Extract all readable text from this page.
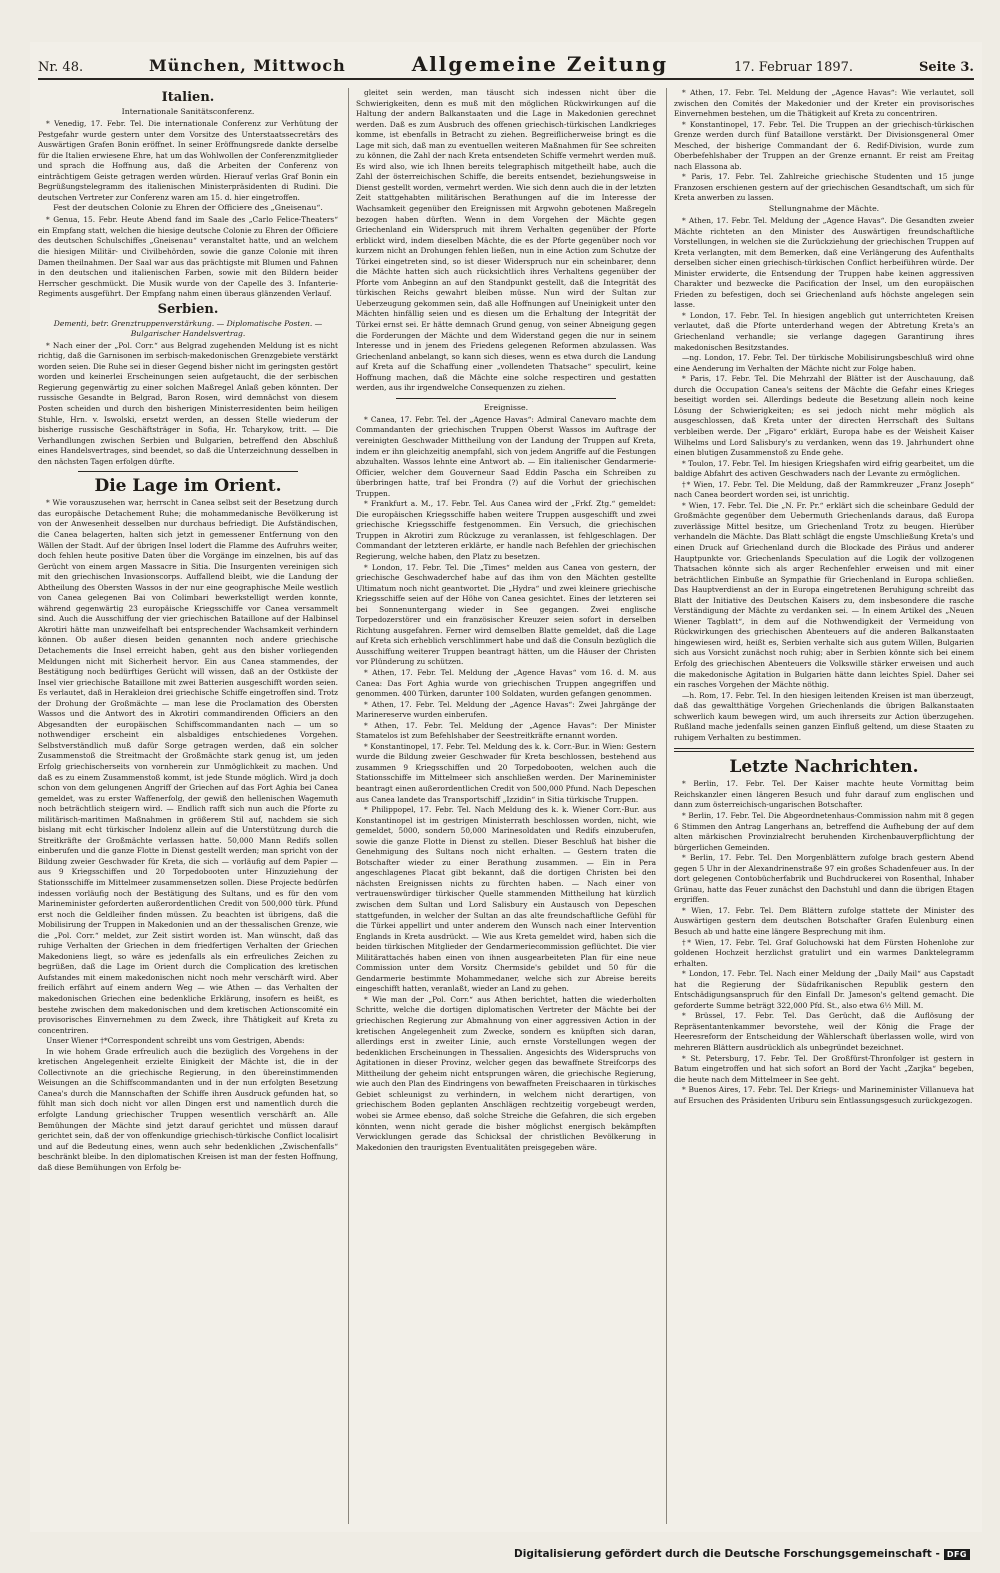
Nr. 48.	München, Mittwoch	Allgemeine Zeitung	17. Februar 1897.	Seite 3.
Italien.
Internationale Sanitätsconferenz.

* Venedig, 17. Febr. Tel. Die internationale Conferenz zur Verhütung der Pestgefahr wurde gestern unter dem Vorsitze des Unterstaatssecretärs des Auswärtigen Grafen Bonin eröffnet. In seiner Eröffnungsrede dankte derselbe für die Italien erwiesene Ehre, hat um das Wohlwollen der Conferenzmitglieder und sprach die Hoffnung aus, daß die Arbeiten der Conferenz von einträchtigem Geiste getragen werden würden. Hierauf verlas Graf Bonin ein Begrüßungstelegramm des italienischen Ministerpräsidenten di Rudini. Die deutschen Vertreter zur Conferenz waren am 15. d. hier eingetroffen.

Fest der deutschen Colonie zu Ehren der Officiere des „Gneisenau“.

* Genua, 15. Febr. Heute Abend fand im Saale des „Carlo Felice-Theaters“ ein Empfang statt, welchen die hiesige deutsche Colonie zu Ehren der Officiere des deutschen Schulschiffes „Gneisenau“ veranstaltet hatte, und an welchem die hiesigen Militär- und Civilbehörden, sowie die ganze Colonie mit ihren Damen theilnahmen. Der Saal war aus das prächtigste mit Blumen und Fahnen in den deutschen und italienischen Farben, sowie mit den Bildern beider Herrscher geschmückt. Die Musik wurde von der Capelle des 3. Infanterie-Regiments ausgeführt. Der Empfang nahm einen überaus glänzenden Verlauf.

Serbien.
Dementi, betr. Grenztruppenverstärkung. — Diplomatische Posten. — Bulgarischer Handelsvertrag.

* Nach einer der „Pol. Corr.“ aus Belgrad zugehenden Meldung ist es nicht richtig, daß die Garnisonen im serbisch-makedonischen Grenzgebiete verstärkt worden seien. Die Ruhe sei in dieser Gegend bisher nicht im geringsten gestört worden und keinerlei Erscheinungen seien aufgetaucht, die der serbischen Regierung gegenwärtig zu einer solchen Maßregel Anlaß geben könnten. Der russische Gesandte in Belgrad, Baron Rosen, wird demnächst von diesem Posten scheiden und durch den bisherigen Ministerresidenten beim heiligen Stuhle, Hrn. v. Iswolski, ersetzt werden, an dessen Stelle wiederum der bisherige russische Geschäftsträger in Sofia, Hr. Tcharykow, tritt. — Die Verhandlungen zwischen Serbien und Bulgarien, betreffend den Abschluß eines Handelsvertrages, sind beendet, so daß die Unterzeichnung desselben in den nächsten Tagen erfolgen dürfte.

Die Lage im Orient.

* Wie vorauszusehen war, herrscht in Canea selbst seit der Besetzung durch das europäische Detachement Ruhe; die mohammedanische Bevölkerung ist von der Anwesenheit desselben nur durchaus befriedigt. Die Aufständischen, die Canea belagerten, halten sich jetzt in gemessener Entfernung von den Wällen der Stadt. Auf der übrigen Insel lodert die Flamme des Aufruhrs weiter, doch fehlen heute positive Daten über die Vorgänge im einzelnen, bis auf das Gerücht von einem argen Massacre in Sitia. Die Insurgenten vereinigen sich mit den griechischen Invasionscorps. Auffallend bleibt, wie die Landung der Abtheilung des Obersten Wassos in der nur eine geographische Meile westlich von Canea gelegenen Bai von Colimbari bewerkstelligt werden konnte, während gegenwärtig 23 europäische Kriegsschiffe vor Canea versammelt sind. Auch die Ausschiffung der vier griechischen Bataillone auf der Halbinsel Akrotiri hätte man unzweifelhaft bei entsprechender Wachsamkeit verhindern können. Ob außer diesen beiden genannten noch andere griechische Detachements die Insel erreicht haben, geht aus den bisher vorliegenden Meldungen nicht mit Sicherheit hervor. Ein aus Canea stammendes, der Bestätigung noch bedürftiges Gerücht will wissen, daß an der Ostküste der Insel vier griechische Bataillone mit zwei Batterien ausgeschifft worden seien. Es verlautet, daß in Herakleion drei griechische Schiffe eingetroffen sind. Trotz der Drohung der Großmächte — man lese die Proclamation des Obersten Wassos und die Antwort des in Akrotiri commandirenden Officiers an den Abgesandten der europäischen Schiffscommandanten nach — um so nothwendiger erscheint ein alsbaldiges entschiedenes Vorgehen. Selbstverständlich muß dafür Sorge getragen werden, daß ein solcher Zusammenstoß die Streitmacht der Großmächte stark genug ist, um jeden Erfolg griechischerseits von vornherein zur Unmöglichkeit zu machen. Und daß es zu einem Zusammenstoß kommt, ist jede Stunde möglich. Wird ja doch schon von dem gelungenen Angriff der Griechen auf das Fort Aghia bei Canea gemeldet, was zu erster Waffenerfolg, der gewiß den hellenischen Wagemuth noch beträchtlich steigern wird. — Endlich rafft sich nun auch die Pforte zu militärisch-maritimen Maßnahmen in größerem Stil auf, nachdem sie sich bislang mit echt türkischer Indolenz allein auf die Unterstützung durch die Streitkräfte der Großmächte verlassen hatte. 50,000 Mann Redifs sollen einberufen und die ganze Flotte in Dienst gestellt werden; man spricht von der Bildung zweier Geschwader für Kreta, die sich — vorläufig auf dem Papier — aus 9 Kriegsschiffen und 20 Torpedobooten unter Hinzuziehung der Stationsschiffe im Mittelmeer zusammensetzen sollen. Diese Projecte bedürfen indessen vorläufig noch der Bestätigung des Sultans, und es für den vom Marineminister geforderten außerordentlichen Credit von 500,000 türk. Pfund erst noch die Geldleiher finden müssen. Zu beachten ist übrigens, daß die Mobilisirung der Truppen in Makedonien und an der thessalischen Grenze, wie die „Pol. Corr.“ meldet, zur Zeit sistirt worden ist. Man wünscht, daß das ruhige Verhalten der Griechen in dem friedfertigen Verhalten der Griechen Makedoniens liegt, so wäre es jedenfalls als ein erfreuliches Zeichen zu begrüßen, daß die Lage im Orient durch die Complication des kretischen Aufstandes mit einem makedonischen nicht noch mehr verschärft wird. Aber freilich erfährt auf einem andern Weg — wie Athen — das Verhalten der makedonischen Griechen eine bedenkliche Erklärung, insofern es heißt, es bestehe zwischen dem makedonischen und dem kretischen Actionscomité ein provisorisches Einvernehmen zu dem Zweck, ihre Thätigkeit auf Kreta zu concentriren.

Unser Wiener †*Correspondent schreibt uns vom Gestrigen, Abends:

In wie hohem Grade erfreulich auch die bezüglich des Vorgehens in der kretischen Angelegenheit erzielte Einigkeit der Mächte ist, die in der Collectivnote an die griechische Regierung, in den übereinstimmenden Weisungen an die Schiffscommandanten und in der nun erfolgten Besetzung Canea's durch die Mannschaften der Schiffe ihren Ausdruck gefunden hat, so fühlt man sich doch nicht vor allen Dingen erst und namentlich durch die erfolgte Landung griechischer Truppen wesentlich verschärft an. Alle Bemühungen der Mächte sind jetzt darauf gerichtet und müssen darauf gerichtet sein, daß der von offenkundige griechisch-türkische Conflict localisirt und auf die Bedeutung eines, wenn auch sehr bedenklichen „Zwischenfalls“ beschränkt bleibe. In den diplomatischen Kreisen ist man der festen Hoffnung, daß diese Bemühungen von Erfolg be-

gleitet sein werden, man täuscht sich indessen nicht über die Schwierigkeiten, denn es muß mit den möglichen Rückwirkungen auf die Haltung der andern Balkanstaaten und die Lage in Makedonien gerechnet werden. Daß es zum Ausbruch des offenen griechisch-türkischen Landkrieges komme, ist ebenfalls in Betracht zu ziehen. Begreiflicherweise bringt es die Lage mit sich, daß man zu eventuellen weiteren Maßnahmen für See schreiten zu können, die Zahl der nach Kreta entsendeten Schiffe vermehrt werden muß. Es wird also, wie ich Ihnen bereits telegraphisch mitgetheilt habe, auch die Zahl der österreichischen Schiffe, die bereits entsendet, beziehungsweise in Dienst gestellt worden, vermehrt werden. Wie sich denn auch die in der letzten Zeit stattgehabten militärischen Berathungen auf die im Interesse der Wachsamkeit gegenüber den Ereignissen mit Argwohn gebotenen Maßregeln bezogen haben dürften. Wenn in dem Vorgehen der Mächte gegen Griechenland ein Widerspruch mit ihrem Verhalten gegenüber der Pforte erblickt wird, indem dieselben Mächte, die es der Pforte gegenüber noch vor kurzem nicht an Drohungen fehlen ließen, nun in eine Action zum Schutze der Türkei eingetreten sind, so ist dieser Widerspruch nur ein scheinbarer, denn die Mächte hatten sich auch rücksichtlich ihres Verhaltens gegenüber der Pforte vom Anbeginn an auf den Standpunkt gestellt, daß die Integrität des türkischen Reichs gewahrt bleiben müsse. Nun wird der Sultan zur Ueberzeugung gekommen sein, daß alle Hoffnungen auf Uneinigkeit unter den Mächten hinfällig seien und es diesen um die Erhaltung der Integrität der Türkei ernst sei. Er hätte demnach Grund genug, von seiner Abneigung gegen die Forderungen der Mächte und dem Widerstand gegen die nur in seinem Interesse und in jenem des Friedens gelegenen Reformen abzulassen. Was Griechenland anbelangt, so kann sich dieses, wenn es etwa durch die Landung auf Kreta auf die Schaffung einer „vollendeten Thatsache“ speculirt, keine Hoffnung machen, daß die Mächte eine solche respectiren und gestatten werden, aus ihr irgendwelche Consequenzen zu ziehen.

Ereignisse.

* Canea, 17. Febr. Tel. der „Agence Havas“: Admiral Canevaro machte dem Commandanten der griechischen Truppen Oberst Wassos im Auftrage der vereinigten Geschwader Mittheilung von der Landung der Truppen auf Kreta, indem er ihn gleichzeitig anempfahl, sich von jedem Angriffe auf die Festungen abzuhalten. Wassos lehnte eine Antwort ab. — Ein italienischer Gendarmerie-Officier, welcher dem Gouverneur Saad Eddin Pascha ein Schreiben zu überbringen hatte, traf bei Frondra (?) auf die Vorhut der griechischen Truppen.

* Frankfurt a. M., 17. Febr. Tel. Aus Canea wird der „Frkf. Ztg.“ gemeldet: Die europäischen Kriegsschiffe haben weitere Truppen ausgeschifft und zwei griechische Kriegsschiffe festgenommen. Ein Versuch, die griechischen Truppen in Akrotiri zum Rückzuge zu veranlassen, ist fehlgeschlagen. Der Commandant der letzteren erklärte, er handle nach Befehlen der griechischen Regierung, welche haben, den Platz zu besetzen.

* London, 17. Febr. Tel. Die „Times“ melden aus Canea von gestern, der griechische Geschwaderchef habe auf das ihm von den Mächten gestellte Ultimatum noch nicht geantwortet. Die „Hydra“ und zwei kleinere griechische Kriegsschiffe seien auf der Höhe von Canea gesichtet. Eines der letzteren sei bei Sonnenuntergang wieder in See gegangen. Zwei englische Torpedozerstörer und ein französischer Kreuzer seien sofort in derselben Richtung ausgefahren. Ferner wird demselben Blatte gemeldet, daß die Lage auf Kreta sich erheblich verschlimmert habe und daß die Consuln bezüglich die Ausschiffung weiterer Truppen beantragt hätten, um die Häuser der Christen vor Plünderung zu schützen.

* Athen, 17. Febr. Tel. Meldung der „Agence Havas“ vom 16. d. M. aus Canea: Das Fort Aghia wurde von griechischen Truppen angegriffen und genommen. 400 Türken, darunter 100 Soldaten, wurden gefangen genommen.

* Athen, 17. Febr. Tel. Meldung der „Agence Havas“: Zwei Jahrgänge der Marinereserve wurden einberufen.

* Athen, 17. Febr. Tel. Meldung der „Agence Havas“: Der Minister Stamatelos ist zum Befehlshaber der Seestreitkräfte ernannt worden.

* Konstantinopel, 17. Febr. Tel. Meldung des k. k. Corr.-Bur. in Wien: Gestern wurde die Bildung zweier Geschwader für Kreta beschlossen, bestehend aus zusammen 9 Kriegsschiffen und 20 Torpedobooten, welchen auch die Stationsschiffe im Mittelmeer sich anschließen werden. Der Marineminister beantragt einen außerordentlichen Credit von 500,000 Pfund. Nach Depeschen aus Canea landete das Transportschiff „Izzidin“ in Sitia türkische Truppen.

* Philippopel, 17. Febr. Tel. Nach Meldung des k. k. Wiener Corr.-Bur. aus Konstantinopel ist im gestrigen Ministerrath beschlossen worden, nicht, wie gemeldet, 5000, sondern 50,000 Marinesoldaten und Redifs einzuberufen, sowie die ganze Flotte in Dienst zu stellen. Dieser Beschluß hat bisher die Genehmigung des Sultans noch nicht erhalten. — Gestern traten die Botschafter wieder zu einer Berathung zusammen. — Ein in Pera angeschlagenes Placat gibt bekannt, daß die dortigen Christen bei den nächsten Ereignissen nichts zu fürchten haben. — Nach einer von vertrauenswürdiger türkischer Quelle stammenden Mittheilung hat kürzlich zwischen dem Sultan und Lord Salisbury ein Austausch von Depeschen stattgefunden, in welcher der Sultan an das alte freundschaftliche Gefühl für die Türkei appellirt und unter anderem den Wunsch nach einer Intervention Englands in Kreta ausdrückt. — Wie aus Kreta gemeldet wird, haben sich die beiden türkischen Mitglieder der Gendarmeriecommission geflüchtet. Die vier Militärattachés haben einen von ihnen ausgearbeiteten Plan für eine neue Commission unter dem Vorsitz Chermside's gebildet und 50 für die Gendarmerie bestimmte Mohammedaner, welche sich zur Abreise bereits eingeschifft hatten, veranlaßt, wieder an Land zu gehen.

* Wie man der „Pol. Corr.“ aus Athen berichtet, hatten die wiederholten Schritte, welche die dortigen diplomatischen Vertreter der Mächte bei der griechischen Regierung zur Abmahnung von einer aggressiven Action in der kretischen Angelegenheit zum Zwecke, sondern es knüpften sich daran, allerdings erst in zweiter Linie, auch ernste Vorstellungen wegen der bedenklichen Erscheinungen in Thessalien. Angesichts des Widerspruchs von Agitationen in dieser Provinz, welcher gegen das bewaffnete Streifcorps des Mittheilung der geheim nicht entsprungen wären, die griechische Regierung, wie auch den Plan des Eindringens von bewaffneten Freischaaren in türkisches Gebiet schleunigst zu verhindern, in welchem nicht derartigen, von griechischem Boden geplanten Anschlägen rechtzeitig vorgebeugt werden, wobei sie Armee ebenso, daß solche Streiche die Gefahren, die sich ergeben könnten, wenn nicht gerade die bisher möglichst energisch bekämpften Verwicklungen gerade das Schicksal der christlichen Bevölkerung in Makedonien den traurigsten Eventualitäten preisgegeben wäre.

* Athen, 17. Febr. Tel. Meldung der „Agence Havas“: Wie verlautet, soll zwischen den Comités der Makedonier und der Kreter ein provisorisches Einvernehmen bestehen, um die Thätigkeit auf Kreta zu concentriren.

* Konstantinopel, 17. Febr. Tel. Die Truppen an der griechisch-türkischen Grenze werden durch fünf Bataillone verstärkt. Der Divisionsgeneral Omer Mesched, der bisherige Commandant der 6. Redif-Division, wurde zum Oberbefehlshaber der Truppen an der Grenze ernannt. Er reist am Freitag nach Elassona ab.

* Paris, 17. Febr. Tel. Zahlreiche griechische Studenten und 15 junge Franzosen erschienen gestern auf der griechischen Gesandtschaft, um sich für Kreta anwerben zu lassen.

Stellungnahme der Mächte.

* Athen, 17. Febr. Tel. Meldung der „Agence Havas“. Die Gesandten zweier Mächte richteten an den Minister des Auswärtigen freundschaftliche Vorstellungen, in welchen sie die Zurückziehung der griechischen Truppen auf Kreta verlangten, mit dem Bemerken, daß eine Verlängerung des Aufenthalts derselben sicher einen griechisch-türkischen Conflict herbeiführen würde. Der Minister erwiderte, die Entsendung der Truppen habe keinen aggressiven Charakter und bezwecke die Pacification der Insel, um den europäischen Frieden zu befestigen, doch sei Griechenland aufs höchste angelegen sein lasse.

* London, 17. Febr. Tel. In hiesigen angeblich gut unterrichteten Kreisen verlautet, daß die Pforte unterderhand wegen der Abtretung Kreta's an Griechenland verhandle; sie verlange dagegen Garantirung ihres makedonischen Besitzstandes.

—ng. London, 17. Febr. Tel. Der türkische Mobilisirungsbeschluß wird ohne eine Aenderung im Verhalten der Mächte nicht zur Folge haben.

* Paris, 17. Febr. Tel. Die Mehrzahl der Blätter ist der Auschauung, daß durch die Occupation Canea's seitens der Mächte die Gefahr eines Krieges beseitigt worden sei. Allerdings bedeute die Besetzung allein noch keine Lösung der Schwierigkeiten; es sei jedoch nicht mehr möglich als ausgeschlossen, daß Kreta unter der directen Herrschaft des Sultans verbleiben werde. Der „Figaro“ erklärt, Europa habe es der Weisheit Kaiser Wilhelms und Lord Salisbury's zu verdanken, wenn das 19. Jahrhundert ohne einen blutigen Zusammenstoß zu Ende gehe.

* Toulon, 17. Febr. Tel. Im hiesigen Kriegshafen wird eifrig gearbeitet, um die baldige Abfahrt des activen Geschwaders nach der Levante zu ermöglichen.

†* Wien, 17. Febr. Tel. Die Meldung, daß der Rammkreuzer „Franz Joseph“ nach Canea beordert worden sei, ist unrichtig.

* Wien, 17. Febr. Tel. Die „N. Fr. Pr.“ erklärt sich die scheinbare Geduld der Großmächte gegenüber dem Uebermuth Griechenlands daraus, daß Europa zuverlässige Mittel besitze, um Griechenland Trotz zu beugen. Hierüber verhandeln die Mächte. Das Blatt schlägt die engste Umschließung Kreta's und einen Druck auf Griechenland durch die Blockade des Piräus und anderer Hauptpunkte vor. Griechenlands Speculation auf die Logik der vollzogenen Thatsachen könnte sich als arger Rechenfehler erweisen und mit einer beträchtlichen Einbuße an Sympathie für Griechenland in Europa schließen. Das Hauptverdienst an der in Europa eingetretenen Beruhigung schreibt das Blatt der Initiative des Deutschen Kaisers zu, dem insbesondere die rasche Verständigung der Mächte zu verdanken sei. — In einem Artikel des „Neuen Wiener Tagblatt“, in dem auf die Nothwendigkeit der Vermeidung von Rückwirkungen des griechischen Abenteuers auf die anderen Balkanstaaten hingewiesen wird, heißt es, Serbien verhalte sich aus gutem Willen, Bulgarien sich aus Vorsicht zunächst noch ruhig; aber in Serbien könnte sich bei einem Erfolg des griechischen Abenteuers die Volkswille stärker erweisen und auch die makedonische Agitation in Bulgarien hätte dann leichtes Spiel. Daher sei ein rasches Vorgehen der Mächte nöthig.

—h. Rom, 17. Febr. Tel. In den hiesigen leitenden Kreisen ist man überzeugt, daß das gewaltthätige Vorgehen Griechenlands die übrigen Balkanstaaten schwerlich kaum bewegen wird, um auch ihrerseits zur Action überzugehen. Rußland mache jedenfalls seinen ganzen Einfluß geltend, um diese Staaten zu ruhigem Verhalten zu bestimmen.

Letzte Nachrichten.

* Berlin, 17. Febr. Tel. Der Kaiser machte heute Vormittag beim Reichskanzler einen längeren Besuch und fuhr darauf zum englischen und dann zum österreichisch-ungarischen Botschafter.

* Berlin, 17. Febr. Tel. Die Abgeordnetenhaus-Commission nahm mit 8 gegen 6 Stimmen den Antrag Langerhans an, betreffend die Aufhebung der auf dem alten märkischen Provinzialrecht beruhenden Kirchenbauverpflichtung der bürgerlichen Gemeinden.

* Berlin, 17. Febr. Tel. Den Morgenblättern zufolge brach gestern Abend gegen 5 Uhr in der Alexandrinenstraße 97 ein großes Schadenfeuer aus. In der dort gelegenen Contobücherfabrik und Buchdruckerei von Rosenthal, Inhaber Grünau, hatte das Feuer zunächst den Dachstuhl und dann die übrigen Etagen ergriffen.

* Wien, 17. Febr. Tel. Dem Blättern zufolge stattete der Minister des Auswärtigen gestern dem deutschen Botschafter Grafen Eulenburg einen Besuch ab und hatte eine längere Besprechung mit ihm.

†* Wien, 17. Febr. Tel. Graf Goluchowski hat dem Fürsten Hohenlohe zur goldenen Hochzeit herzlichst gratulirt und ein warmes Danktelegramm erhalten.

* London, 17. Febr. Tel. Nach einer Meldung der „Daily Mail“ aus Capstadt hat die Regierung der Südafrikanischen Republik gestern den Entschädigungsanspruch für den Einfall Dr. Jameson's geltend gemacht. Die geforderte Summe beträgt 322,000 Pfd. St., also etwa 6½ Mill. M.

* Brüssel, 17. Febr. Tel. Das Gerücht, daß die Auflösung der Repräsentantenkammer bevorstehe, weil der König die Frage der Heeresreform der Entscheidung der Wählerschaft überlassen wolle, wird von mehreren Blättern ausdrücklich als unbegründet bezeichnet.

* St. Petersburg, 17. Febr. Tel. Der Großfürst-Thronfolger ist gestern in Batum eingetroffen und hat sich sofort an Bord der Yacht „Zarjka“ begeben, die heute nach dem Mittelmeer in See geht.

* Buenos Aires, 17. Febr. Tel. Der Kriegs- und Marineminister Villanueva hat auf Ersuchen des Präsidenten Uriburu sein Entlassungsgesuch zurückgezogen.

Digitalisierung gefördert durch die Deutsche Forschungsgemeinschaft - DFG
